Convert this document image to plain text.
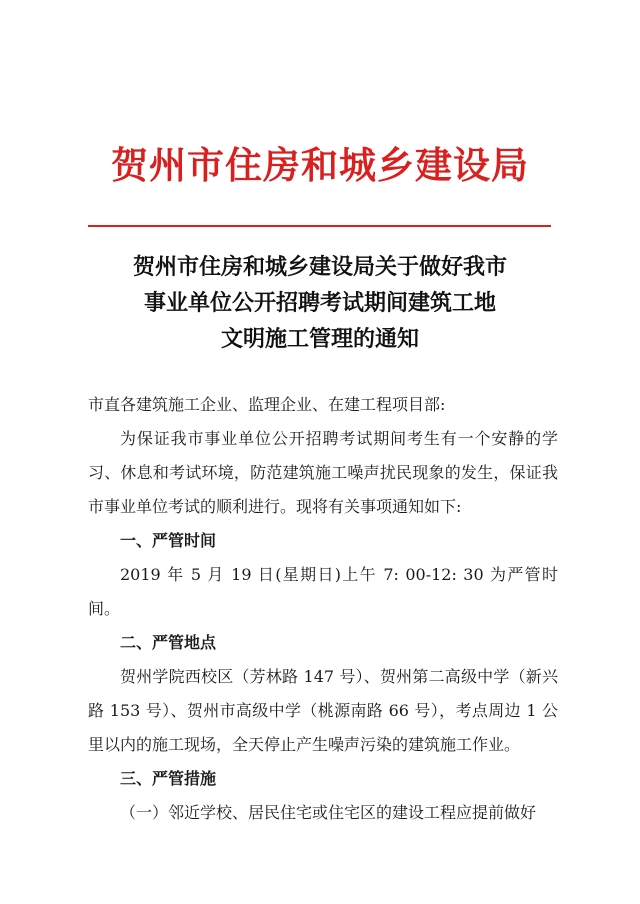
贺州市住房和城乡建设局
贺州市住房和城乡建设局关于做好我市
事业单位公开招聘考试期间建筑工地
文明施工管理的通知

市直各建筑施工企业、监理企业、在建工程项目部:

为保证我市事业单位公开招聘考试期间考生有一个安静的学习、休息和考试环境，防范建筑施工噪声扰民现象的发生，保证我市事业单位考试的顺利进行。现将有关事项通知如下:

一、严管时间

2019 年 5 月 19 日(星期日)上午 7: 00-12: 30 为严管时间。

二、严管地点

贺州学院西校区（芳林路 147 号）、贺州第二高级中学（新兴路 153 号）、贺州市高级中学（桃源南路 66 号），考点周边 1 公里以内的施工现场，全天停止产生噪声污染的建筑施工作业。

三、严管措施

（一）邻近学校、居民住宅或住宅区的建设工程应提前做好
